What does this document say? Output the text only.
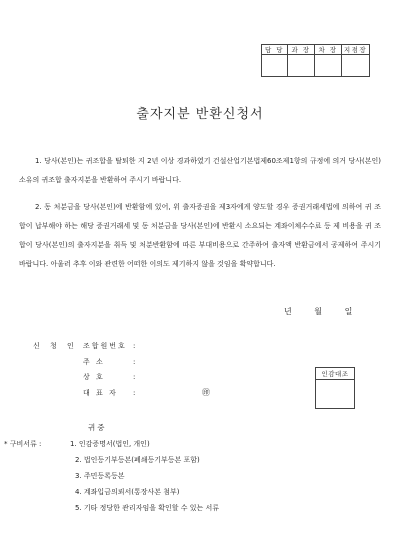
담 당	과 장	차 장	지점장

출자지분 반환신청서
1. 당사(본인)는 귀조합을 탈퇴한 지 2년 이상 경과하였기 건설산업기본법제60조제1항의 규정에 의거 당사(본인)소유의 귀조합 출자지분을 반환하여 주시기 바랍니다.
2. 동 처분금을 당사(본인)에 반환함에 있어, 위 출자증권을 제3자에게 양도할 경우 증권거래세법에 의하여 귀 조합이 납부해야 하는 해당 증권거래세 및 동 처분금을 당사(본인)에 반환시 소요되는 계좌이체수수료 등 제 비용을 귀 조합이 당사(본인)의 출자지분을 취득 및 처분반환함에 따른 부대비용으로 간주하여 출자액 반환금에서 공제하여 주시기 바랍니다. 아울러 추후 이와 관련한 어떠한 이의도 제기하지 않을 것임을 확약합니다.
년	월	일
신 청 인 조합원번호 :
주 소	:
상 호	:
대 표 자 :	㊞
인감대조
귀중
* 구비서류 :	1. 인감증명서(법인, 개인)
2. 법인등기부등본(폐쇄등기부등본 포함)
3. 주민등록등본
4. 계좌입금의뢰서(통장사본 첨부)
5. 기타 정당한 관리자임을 확인할 수 있는 서류
